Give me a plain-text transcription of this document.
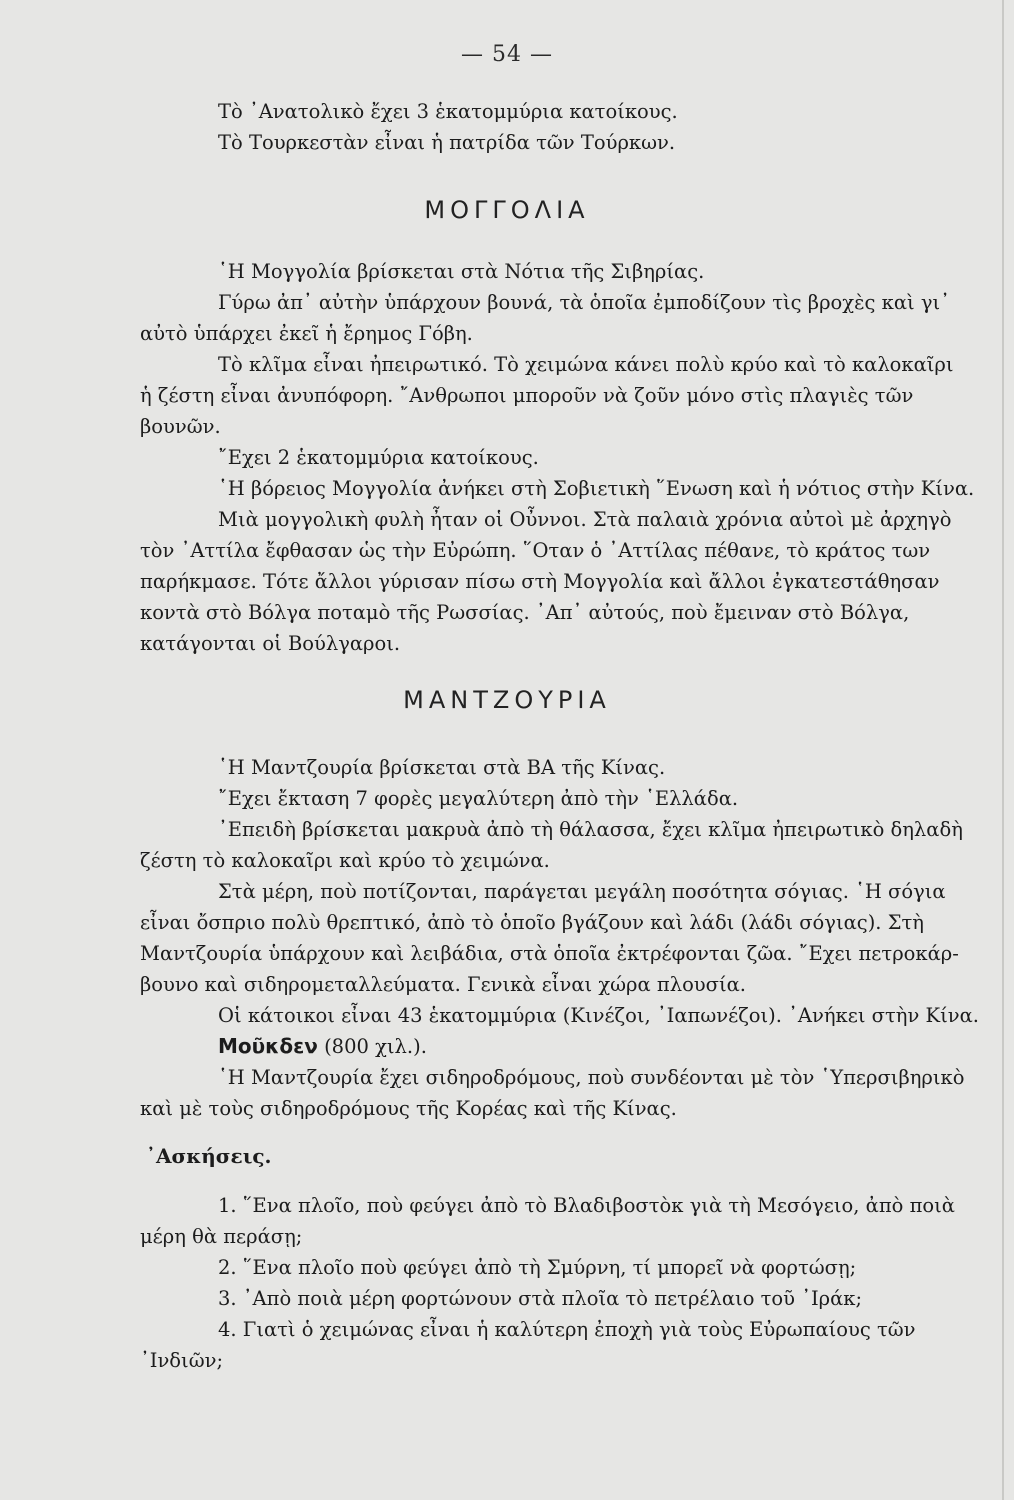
— 54 —
Τὸ ᾿Ανατολικὸ ἔχει 3 ἑκατομμύρια κατοίκους.
Τὸ Τουρκεστὰν εἶναι ἡ πατρίδα τῶν Τούρκων.
ΜΟΓΓΟΛΙΑ
῾Η Μογγολία βρίσκεται στὰ Νότια τῆς Σιβηρίας.
Γύρω ἀπ᾿ αὐτὴν ὑπάρχουν βουνά, τὰ ὁποῖα ἐμποδίζουν τὶς βροχὲς καὶ γι᾿
αὐτὸ ὑπάρχει ἐκεῖ ἡ ἔρημος Γόβη.
Τὸ κλῖμα εἶναι ἠπειρωτικό. Τὸ χειμώνα κάνει πολὺ κρύο καὶ τὸ καλοκαῖρι
ἡ ζέστη εἶναι ἀνυπόφορη. ῎Ανθρωποι μποροῦν νὰ ζοῦν μόνο στὶς πλαγιὲς τῶν
βουνῶν.
῎Εχει 2 ἑκατομμύρια κατοίκους.
῾Η βόρειος Μογγολία ἀνήκει στὴ Σοβιετικὴ ῞Ενωση καὶ ἡ νότιος στὴν Κίνα.
Μιὰ μογγολικὴ φυλὴ ἦταν οἱ Οὖννοι. Στὰ παλαιὰ χρόνια αὐτοὶ μὲ ἀρχηγὸ
τὸν ᾿Αττίλα ἔφθασαν ὡς τὴν Εὐρώπη. ῞Οταν ὁ ᾿Αττίλας πέθανε, τὸ κράτος των
παρήκμασε. Τότε ἄλλοι γύρισαν πίσω στὴ Μογγολία καὶ ἄλλοι ἐγκατεστάθησαν
κοντὰ στὸ Βόλγα ποταμὸ τῆς Ρωσσίας. ᾿Απ᾿ αὐτούς, ποὺ ἔμειναν στὸ Βόλγα,
κατάγονται οἱ Βούλγαροι.
ΜΑΝΤΖΟΥΡΙΑ
῾Η Μαντζουρία βρίσκεται στὰ ΒΑ τῆς Κίνας.
῎Εχει ἔκταση 7 φορὲς μεγαλύτερη ἀπὸ τὴν ῾Ελλάδα.
᾿Επειδὴ βρίσκεται μακρυὰ ἀπὸ τὴ θάλασσα, ἔχει κλῖμα ἠπειρωτικὸ δηλαδὴ
ζέστη τὸ καλοκαῖρι καὶ κρύο τὸ χειμώνα.
Στὰ μέρη, ποὺ ποτίζονται, παράγεται μεγάλη ποσότητα σόγιας. ῾Η σόγια
εἶναι ὄσπριο πολὺ θρεπτικό, ἀπὸ τὸ ὁποῖο βγάζουν καὶ λάδι (λάδι σόγιας). Στὴ
Μαντζουρία ὑπάρχουν καὶ λειβάδια, στὰ ὁποῖα ἐκτρέφονται ζῶα. ῎Εχει πετροκάρ-
βουνο καὶ σιδηρομεταλλεύματα. Γενικὰ εἶναι χώρα πλουσία.
Οἱ κάτοικοι εἶναι 43 ἑκατομμύρια (Κινέζοι, ᾿Ιαπωνέζοι). ᾿Ανήκει στὴν Κίνα.
Μοῦκδεν (800 χιλ.).
῾Η Μαντζουρία ἔχει σιδηροδρόμους, ποὺ συνδέονται μὲ τὸν ῾Υπερσιβηρικὸ
καὶ μὲ τοὺς σιδηροδρόμους τῆς Κορέας καὶ τῆς Κίνας.
᾿Ασκήσεις.
1. ῞Ενα πλοῖο, ποὺ φεύγει ἀπὸ τὸ Βλαδιβοστὸκ γιὰ τὴ Μεσόγειο, ἀπὸ ποιὰ
μέρη θὰ περάσῃ;
2. ῞Ενα πλοῖο ποὺ φεύγει ἀπὸ τὴ Σμύρνη, τί μπορεῖ νὰ φορτώσῃ;
3. ᾿Απὸ ποιὰ μέρη φορτώνουν στὰ πλοῖα τὸ πετρέλαιο τοῦ ᾿Ιράκ;
4. Γιατὶ ὁ χειμώνας εἶναι ἡ καλύτερη ἐποχὴ γιὰ τοὺς Εὐρωπαίους τῶν
᾿Ινδιῶν;
